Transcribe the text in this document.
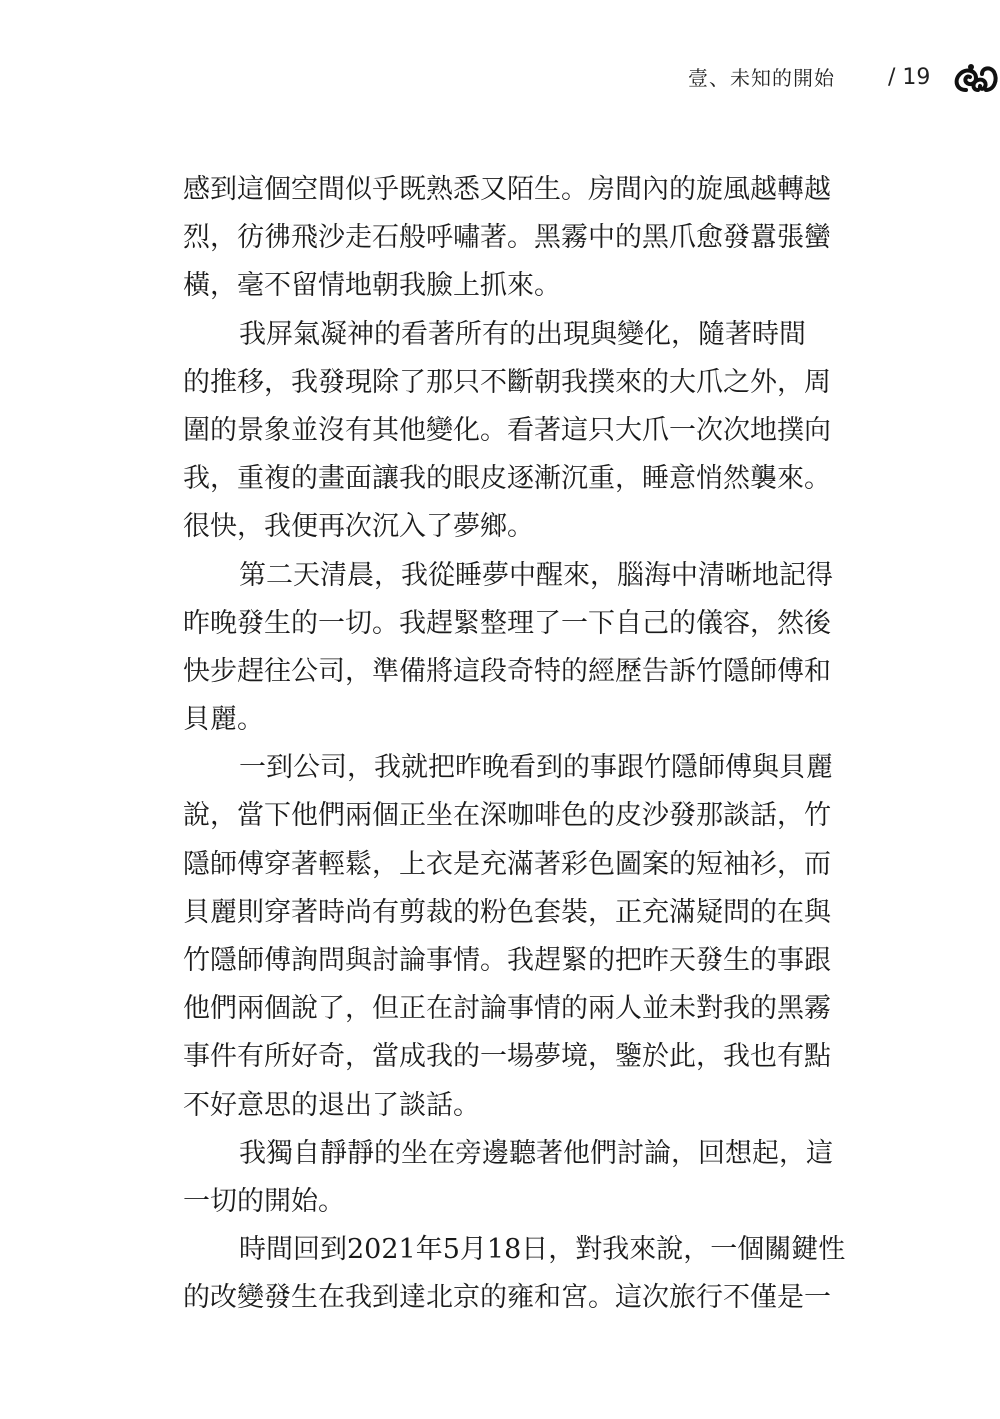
壹、未知的開始 / 19

感到這個空間似乎既熟悉又陌生。房間內的旋風越轉越
烈，彷彿飛沙走石般呼嘯著。黑霧中的黑爪愈發囂張蠻
橫，毫不留情地朝我臉上抓來。

我屏氣凝神的看著所有的出現與變化，隨著時間
的推移，我發現除了那只不斷朝我撲來的大爪之外，周
圍的景象並沒有其他變化。看著這只大爪一次次地撲向
我，重複的畫面讓我的眼皮逐漸沉重，睡意悄然襲來。
很快，我便再次沉入了夢鄉。

第二天清晨，我從睡夢中醒來，腦海中清晰地記得
昨晚發生的一切。我趕緊整理了一下自己的儀容，然後
快步趕往公司，準備將這段奇特的經歷告訴竹隱師傅和
貝麗。

一到公司，我就把昨晚看到的事跟竹隱師傅與貝麗
說，當下他們兩個正坐在深咖啡色的皮沙發那談話，竹
隱師傅穿著輕鬆，上衣是充滿著彩色圖案的短袖衫，而
貝麗則穿著時尚有剪裁的粉色套裝，正充滿疑問的在與
竹隱師傅詢問與討論事情。我趕緊的把昨天發生的事跟
他們兩個說了，但正在討論事情的兩人並未對我的黑霧
事件有所好奇，當成我的一場夢境，鑒於此，我也有點
不好意思的退出了談話。

我獨自靜靜的坐在旁邊聽著他們討論，回想起，這
一切的開始。

時間回到2021年5月18日，對我來說，一個關鍵性
的改變發生在我到達北京的雍和宮。這次旅行不僅是一
